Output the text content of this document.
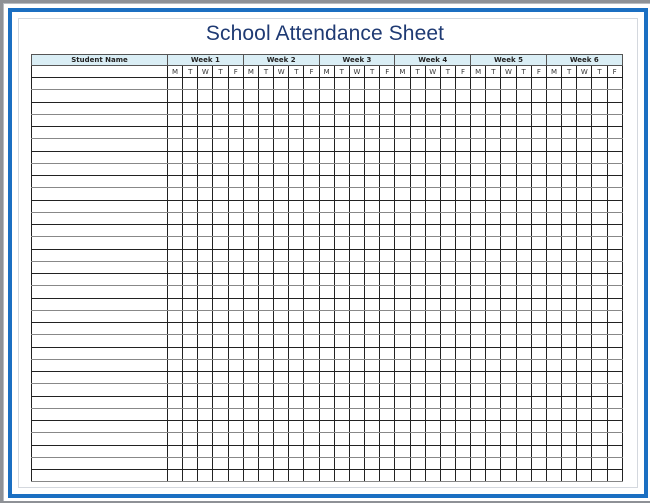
School Attendance Sheet
Student Name	Week 1					Week 2					Week 3					Week 4					Week 5					Week 6				
	M	T	W	T	F	M	T	W	T	F	M	T	W	T	F	M	T	W	T	F	M	T	W	T	F	M	T	W	T	F
